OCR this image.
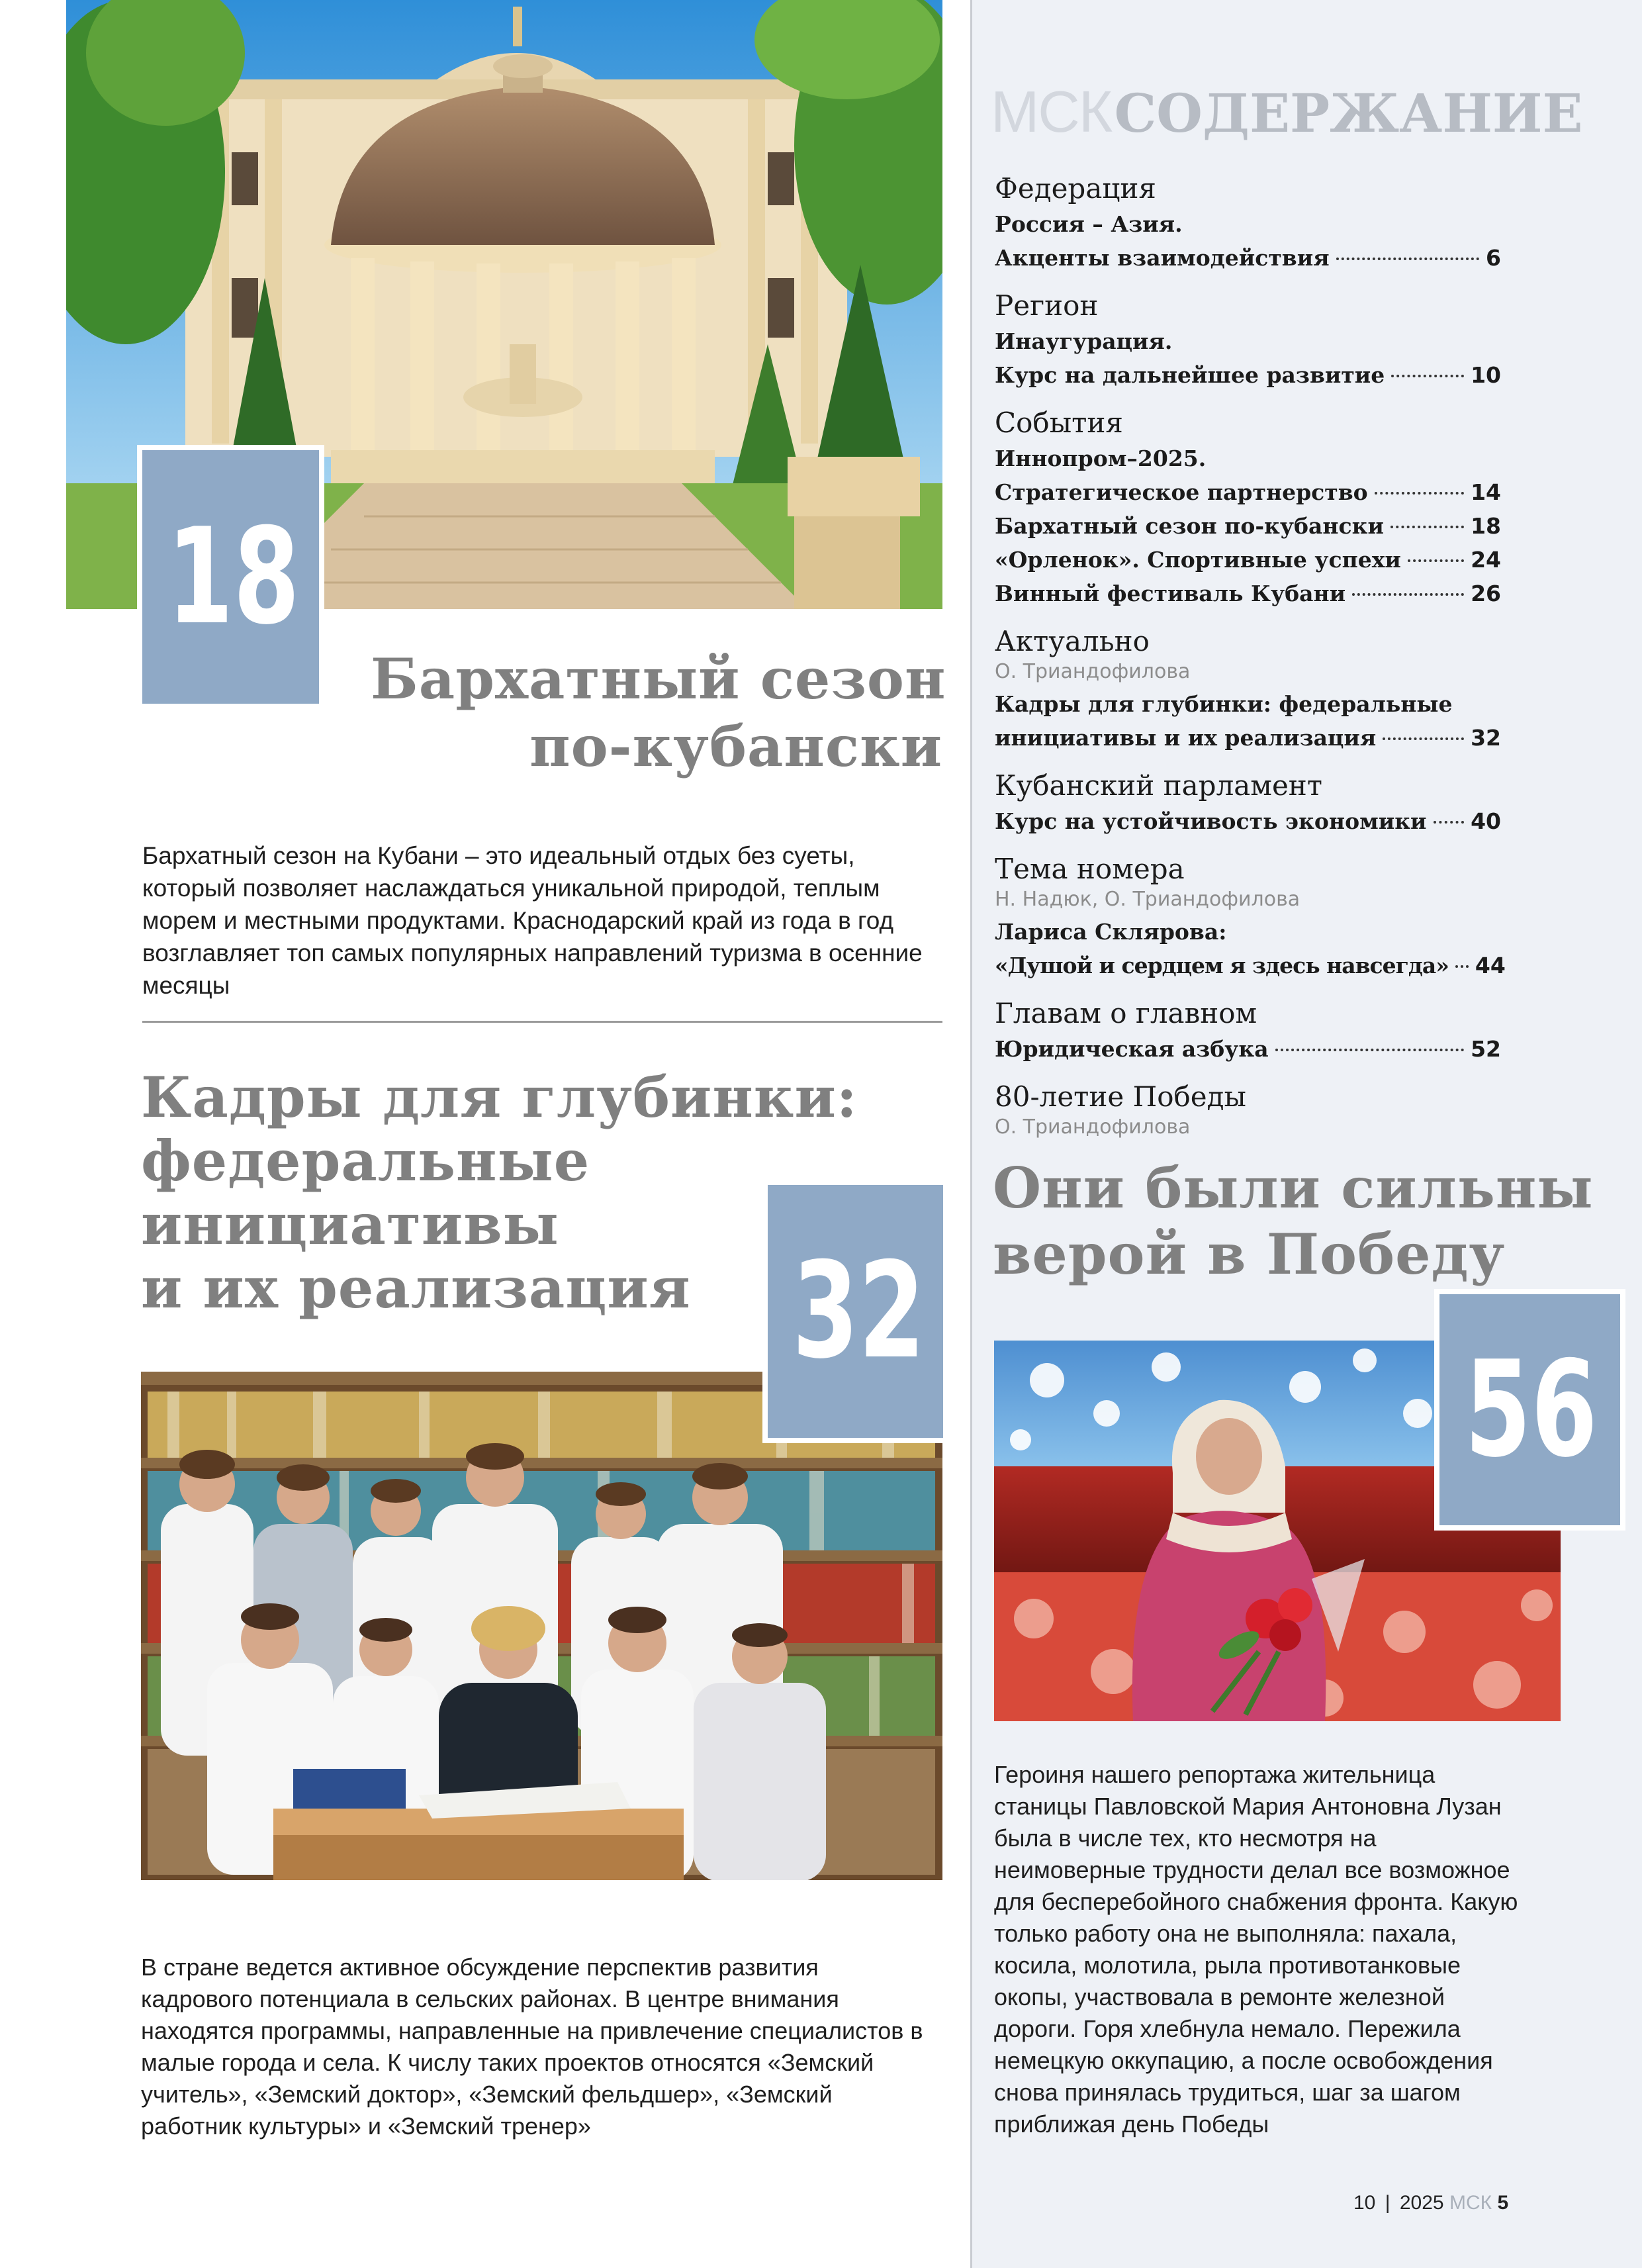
МСК СОДЕРЖАНИЕ
Федерация
Россия – Азия.
Акценты взаимодействия	6
Регион
Инаугурация.
Курс на дальнейшее развитие	10
События
Иннопром–2025.
Стратегическое партнерство	14
Бархатный сезон по-кубански	18
«Орленок». Спортивные успехи	24
Винный фестиваль Кубани	26
Актуально
О. Триандофилова
Кадры для глубинки: федеральные
инициативы и их реализация	32
Кубанский парламент
Курс на устойчивость экономики 40
Тема номера
Н. Надюк, О. Триандофилова
Лариса Склярова:
«Душой и сердцем я здесь навсегда» 44
Главам о главном
Юридическая азбука	52
80-летие Победы
О. Триандофилова
Они были сильны
верой в Победу
56
Героиня нашего репортажа жительница станицы Павловской Мария Антоновна Лузан была в числе тех, кто несмотря на неимоверные трудности делал все возможное для бесперебойного снабжения фронта. Какую только работу она не выполняла: пахала, косила, молотила, рыла противотанковые окопы, участвовала в ремонте железной дороги. Горя хлебнула немало. Пережила немецкую оккупацию, а после освобождения снова принялась трудиться, шаг за шагом приближая день Победы
10 | 2025 МСК 5
18
Бархатный сезон
по-кубански
Бархатный сезон на Кубани – это идеальный отдых без суеты, который позволяет наслаждаться уникальной природой, теплым морем и местными продуктами. Краснодарский край из года в год возглавляет топ самых популярных направлений туризма в осенние месяцы
Кадры для глубинки:
федеральные
инициативы
и их реализация 32
В стране ведется активное обсуждение перспектив развития кадрового потенциала в сельских районах. В центре внимания находятся программы, направленные на привлечение специалистов в малые города и села. К числу таких проектов относятся «Земский учитель», «Земский доктор», «Земский фельдшер», «Земский работник культуры» и «Земский тренер»
